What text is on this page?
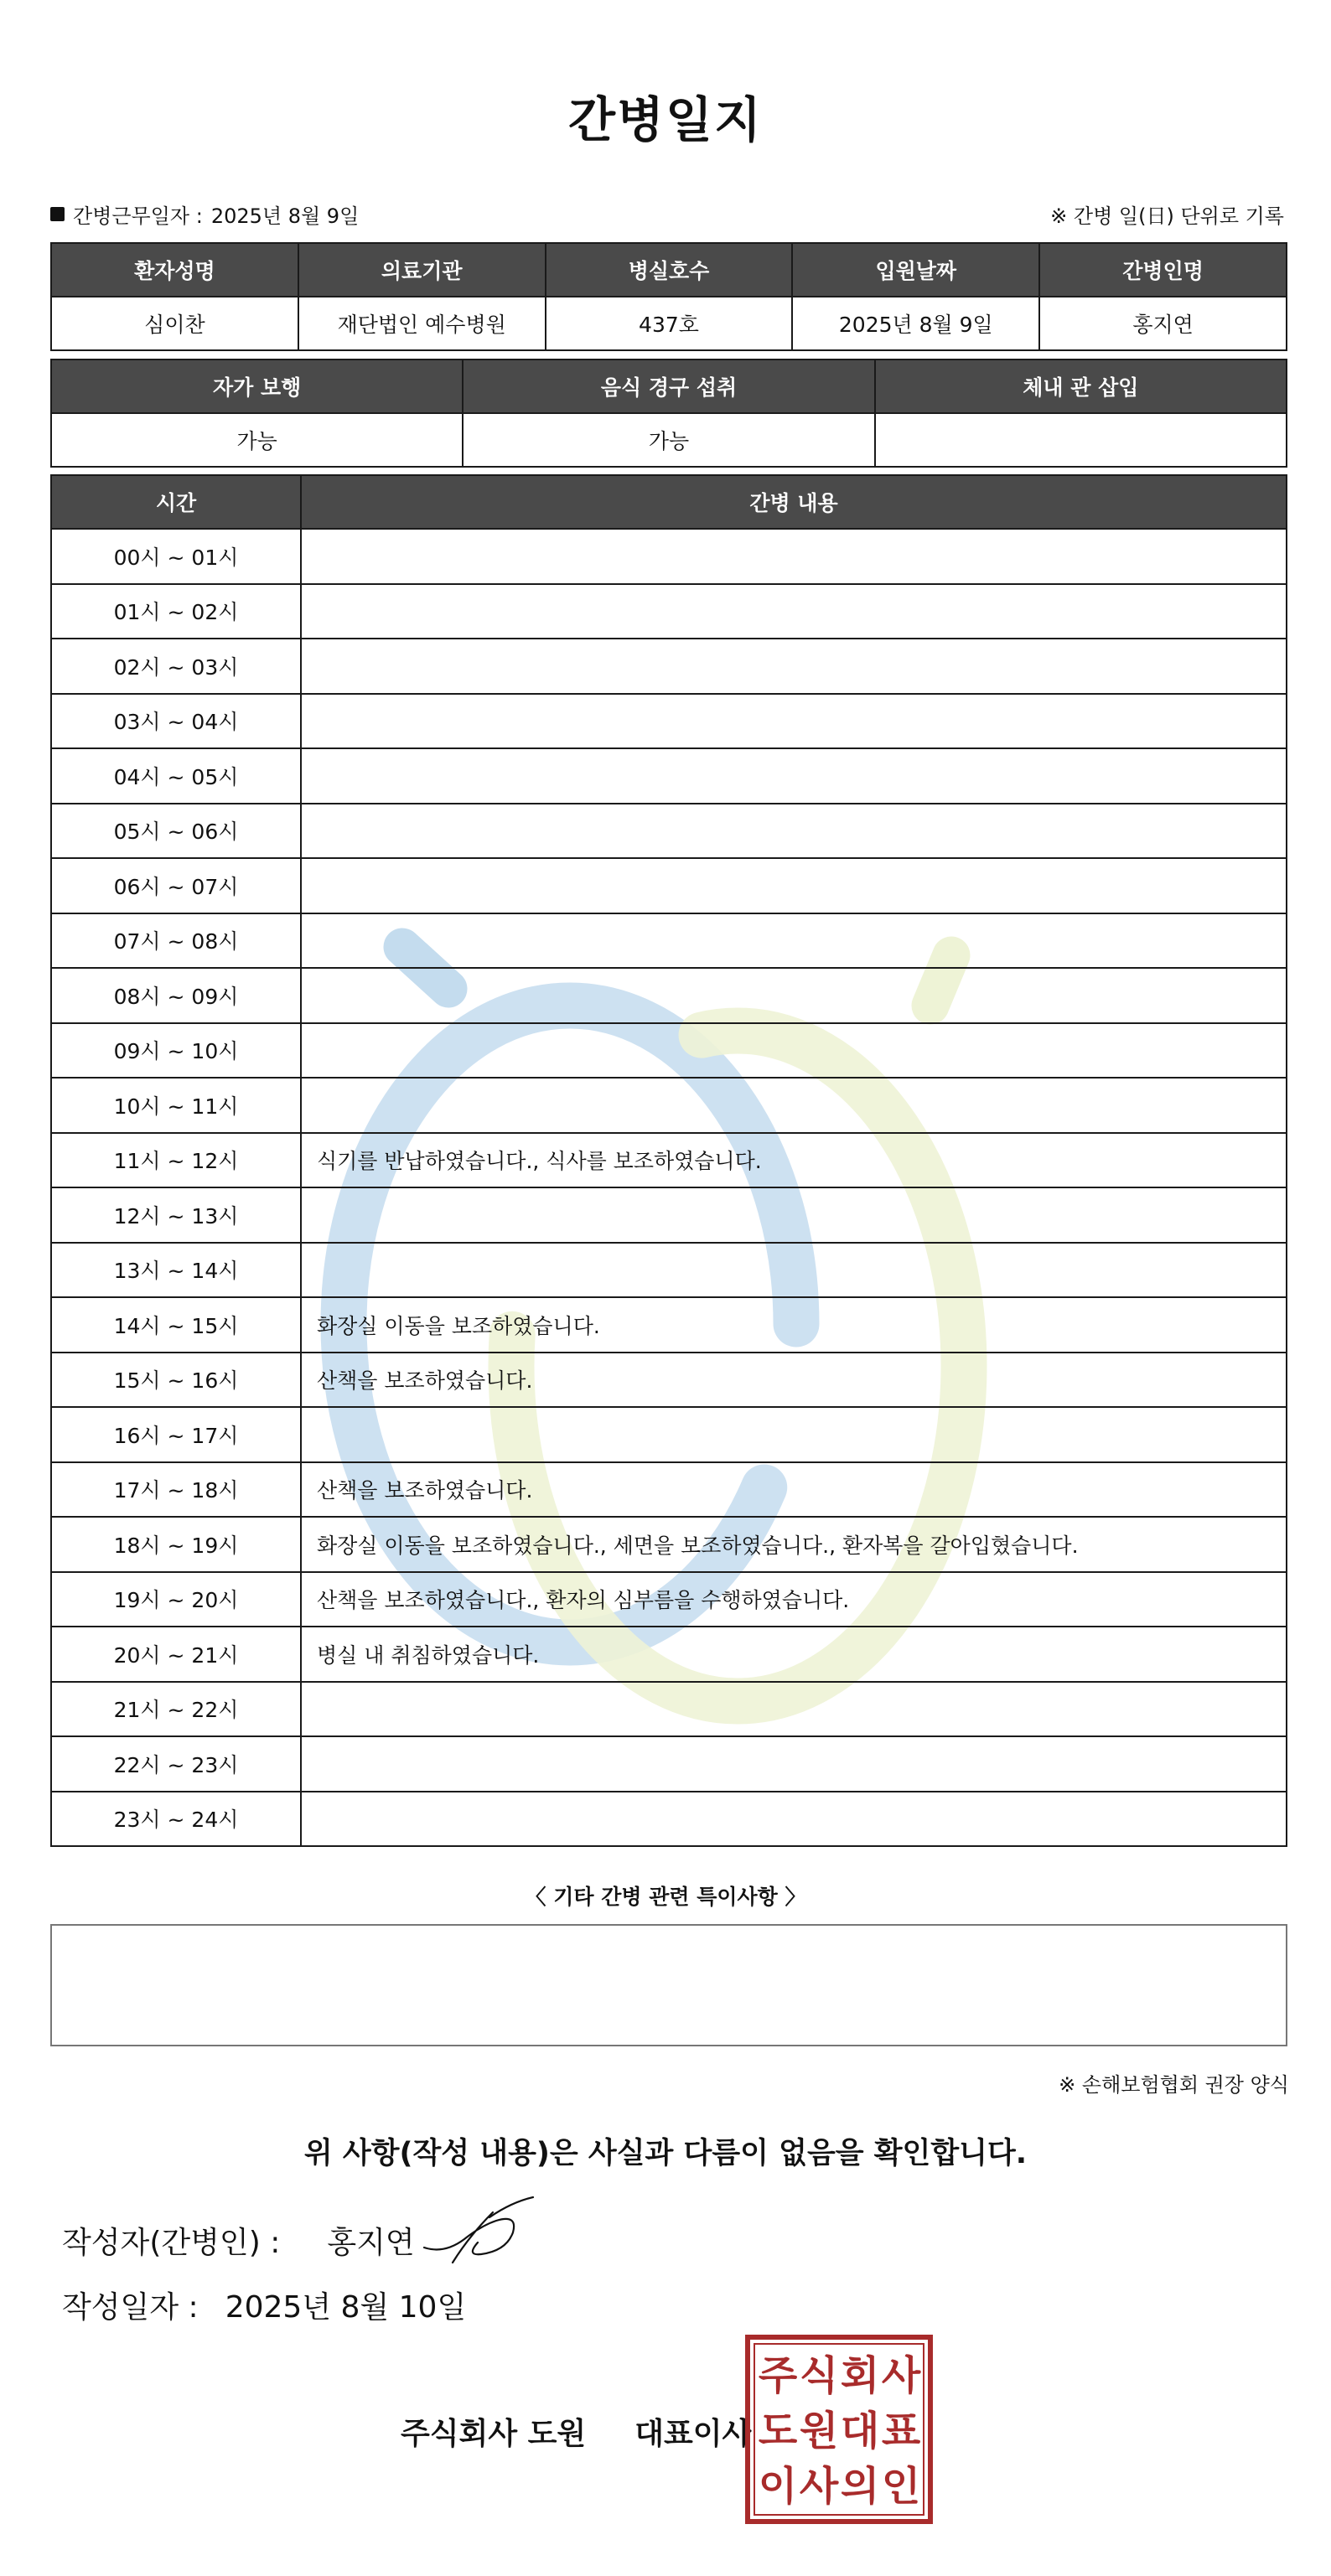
간병일지
간병근무일자 : 2025년 8월 9일	※ 간병 일(日) 단위로 기록
환자성명	의료기관	병실호수	입원날짜	간병인명
심이찬	재단법인 예수병원	437호	2025년 8월 9일	홍지연
자가 보행	음식 경구 섭취	체내 관 삽입
가능	가능	
시간	간병 내용
00시 ~ 01시	
01시 ~ 02시	
02시 ~ 03시	
03시 ~ 04시	
04시 ~ 05시	
05시 ~ 06시	
06시 ~ 07시	
07시 ~ 08시	
08시 ~ 09시	
09시 ~ 10시	
10시 ~ 11시	
11시 ~ 12시	식기를 반납하였습니다., 식사를 보조하였습니다.
12시 ~ 13시	
13시 ~ 14시	
14시 ~ 15시	화장실 이동을 보조하였습니다.
15시 ~ 16시	산책을 보조하였습니다.
16시 ~ 17시	
17시 ~ 18시	산책을 보조하였습니다.
18시 ~ 19시	화장실 이동을 보조하였습니다., 세면을 보조하였습니다., 환자복을 갈아입혔습니다.
19시 ~ 20시	산책을 보조하였습니다., 환자의 심부름을 수행하였습니다.
20시 ~ 21시	병실 내 취침하였습니다.
21시 ~ 22시	
22시 ~ 23시	
23시 ~ 24시	
〈 기타 간병 관련 특이사항 〉
※ 손해보험협회 권장 양식
위 사항(작성 내용)은 사실과 다름이 없음을 확인합니다.
작성자(간병인) : 홍지연
작성일자 : 2025년 8월 10일
주식회사 도원 대표이사
주 식 회 사
도 원 대 표
이 사 의 인
